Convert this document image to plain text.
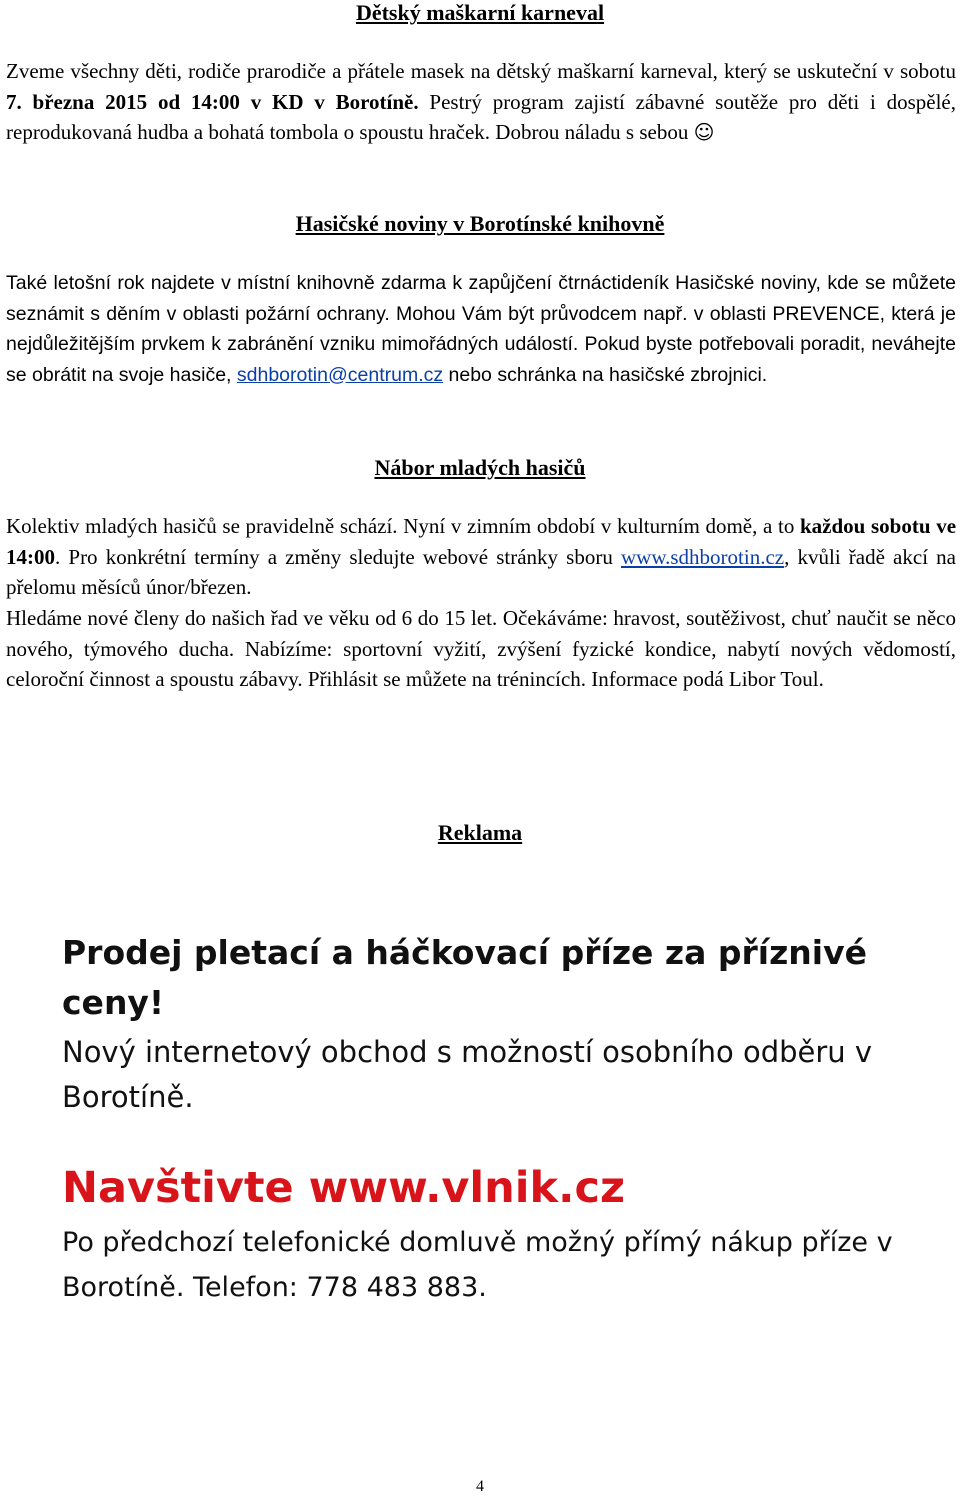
Dětský maškarní karneval

Zveme všechny děti, rodiče prarodiče a přátele masek na dětský maškarní karneval, který se uskuteční v sobotu 7. března 2015 od 14:00 v KD v Borotíně. Pestrý program zajistí zábavné soutěže pro děti i dospělé, reprodukovaná hudba a bohatá tombola o spoustu hraček. Dobrou náladu s sebou ☺

Hasičské noviny v Borotínské knihovně

Také letošní rok najdete v místní knihovně zdarma k zapůjčení čtrnáctideník Hasičské noviny, kde se můžete seznámit s děním v oblasti požární ochrany. Mohou Vám být průvodcem např. v oblasti PREVENCE, která je nejdůležitějším prvkem k zabránění vzniku mimořádných událostí. Pokud byste potřebovali poradit, neváhejte se obrátit na svoje hasiče, sdhborotin@centrum.cz nebo schránka na hasičské zbrojnici.

Nábor mladých hasičů

Kolektiv mladých hasičů se pravidelně schází. Nyní v zimním období v kulturním domě, a to každou sobotu ve 14:00. Pro konkrétní termíny a změny sledujte webové stránky sboru www.sdhborotin.cz, kvůli řadě akcí na přelomu měsíců únor/březen.

Hledáme nové členy do našich řad ve věku od 6 do 15 let. Očekáváme: hravost, soutěživost, chuť naučit se něco nového, týmového ducha. Nabízíme: sportovní vyžití, zvýšení fyzické kondice, nabytí nových vědomostí, celoroční činnost a spoustu zábavy. Přihlásit se můžete na trénincích. Informace podá Libor Toul.

Reklama
Prodej pletací a háčkovací příze za příznivé ceny!
Nový internetový obchod s možností osobního odběru v Borotíně.
Navštivte www.vlnik.cz
Po předchozí telefonické domluvě možný přímý nákup příze v Borotíně. Telefon: 778 483 883.
4
